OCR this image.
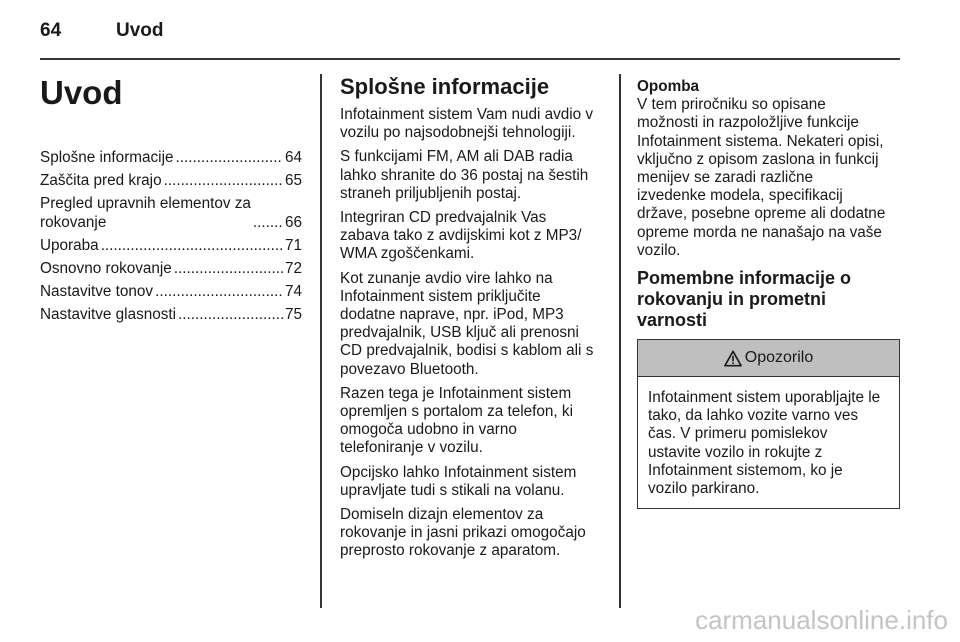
64	Uvod
Uvod
Splošne informacije .....	64
Zaščita pred krajo .....	65
Pregled upravnih elementov za
rokovanje .....	66
Uporaba .....	71
Osnovno rokovanje .....	72
Nastavitve tonov .....	74
Nastavitve glasnosti .....	75
Splošne informacije

Infotainment sistem Vam nudi avdio v
vozilu po najsodobnejši tehnologiji.

S funkcijami FM, AM ali DAB radia
lahko shranite do 36 postaj na šestih
straneh priljubljenih postaj.

Integriran CD predvajalnik Vas
zabava tako z avdijskimi kot z MP3/
WMA zgoščenkami.

Kot zunanje avdio vire lahko na
Infotainment sistem priključite
dodatne naprave, npr. iPod, MP3
predvajalnik, USB ključ ali prenosni
CD predvajalnik, bodisi s kablom ali s
povezavo Bluetooth.

Razen tega je Infotainment sistem
opremljen s portalom za telefon, ki
omogoča udobno in varno
telefoniranje v vozilu.

Opcijsko lahko Infotainment sistem
upravljate tudi s stikali na volanu.

Domiseln dizajn elementov za
rokovanje in jasni prikazi omogočajo
preprosto rokovanje z aparatom.

Opomba

V tem priročniku so opisane
možnosti in razpoložljive funkcije
Infotainment sistema. Nekateri opisi,
vključno z opisom zaslona in funkcij
menijev se zaradi različne
izvedenke modela, specifikacij
države, posebne opreme ali dodatne
opreme morda ne nanašajo na vaše
vozilo.

Pomembne informacije o
rokovanju in prometni varnosti
Opozorilo

Infotainment sistem uporabljajte le
tako, da lahko vozite varno ves
čas. V primeru pomislekov
ustavite vozilo in rokujte z
Infotainment sistemom, ko je
vozilo parkirano.

carmanualsonline.info
